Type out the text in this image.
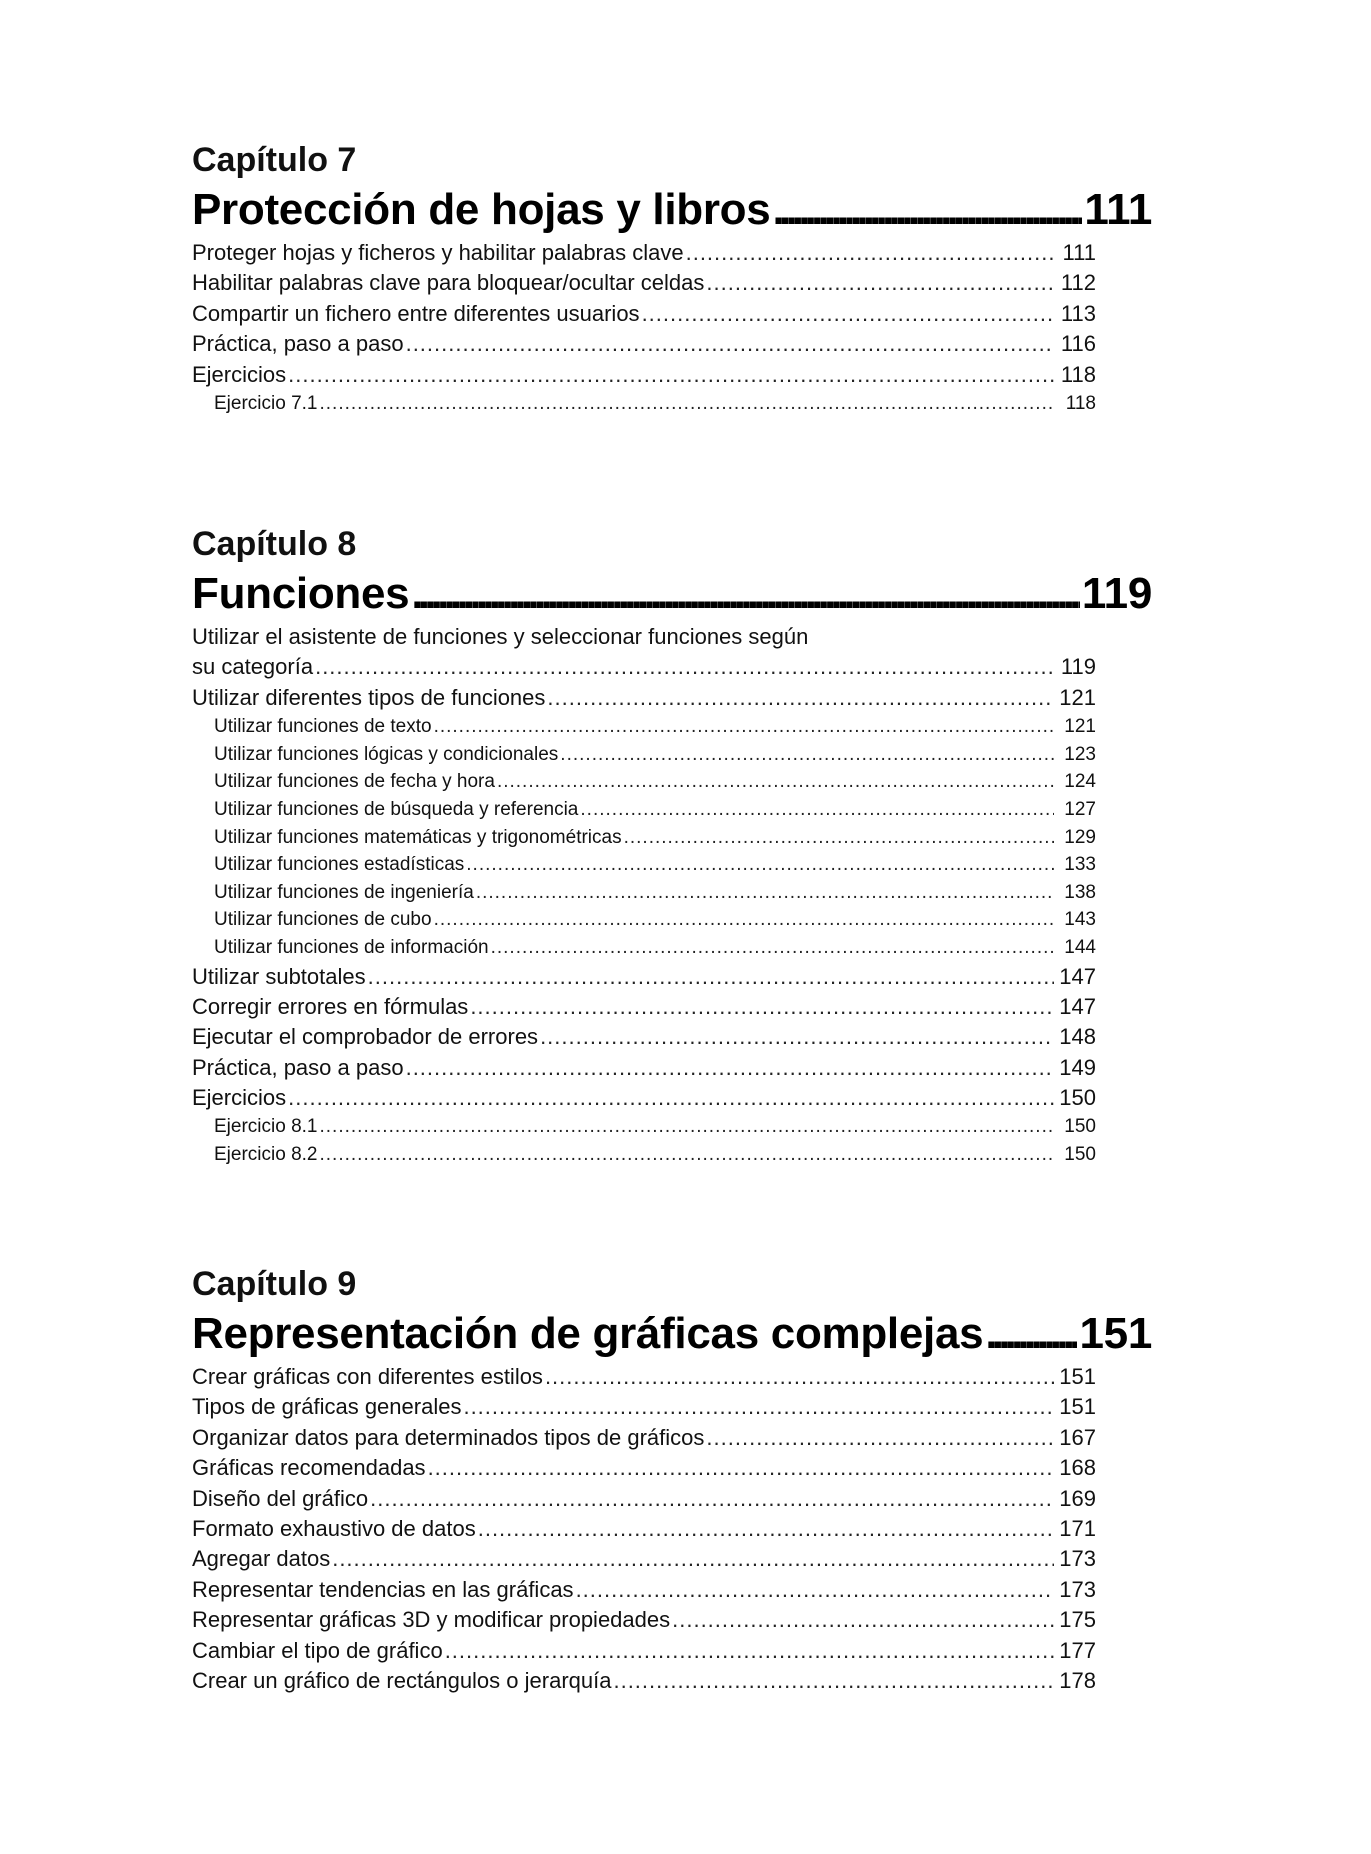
Capítulo 7
Protección de hojas y libros . . .	111
Proteger hojas y ficheros y habilitar palabras clave .....	111
Habilitar palabras clave para bloquear/ocultar celdas .....	112
Compartir un fichero entre diferentes usuarios .....	113
Práctica, paso a paso .....	116
Ejercicios .....	118
Ejercicio 7.1 .....	118
Capítulo 8
Funciones . . .	119
Utilizar el asistente de funciones y seleccionar funciones según
su categoría .....	119
Utilizar diferentes tipos de funciones .....	121
Utilizar funciones de texto .....	121
Utilizar funciones lógicas y condicionales .....	123
Utilizar funciones de fecha y hora .....	124
Utilizar funciones de búsqueda y referencia .....	127
Utilizar funciones matemáticas y trigonométricas .....	129
Utilizar funciones estadísticas .....	133
Utilizar funciones de ingeniería .....	138
Utilizar funciones de cubo .....	143
Utilizar funciones de información .....	144
Utilizar subtotales .....	147
Corregir errores en fórmulas .....	147
Ejecutar el comprobador de errores .....	148
Práctica, paso a paso .....	149
Ejercicios .....	150
Ejercicio 8.1 .....	150
Ejercicio 8.2 .....	150
Capítulo 9
Representación de gráficas complejas . . . 151
Crear gráficas con diferentes estilos .....	151
Tipos de gráficas generales .....	151
Organizar datos para determinados tipos de gráficos .....	167
Gráficas recomendadas .....	168
Diseño del gráfico .....	169
Formato exhaustivo de datos .....	171
Agregar datos .....	173
Representar tendencias en las gráficas .....	173
Representar gráficas 3D y modificar propiedades .....	175
Cambiar el tipo de gráfico .....	177
Crear un gráfico de rectángulos o jerarquía .....	178
